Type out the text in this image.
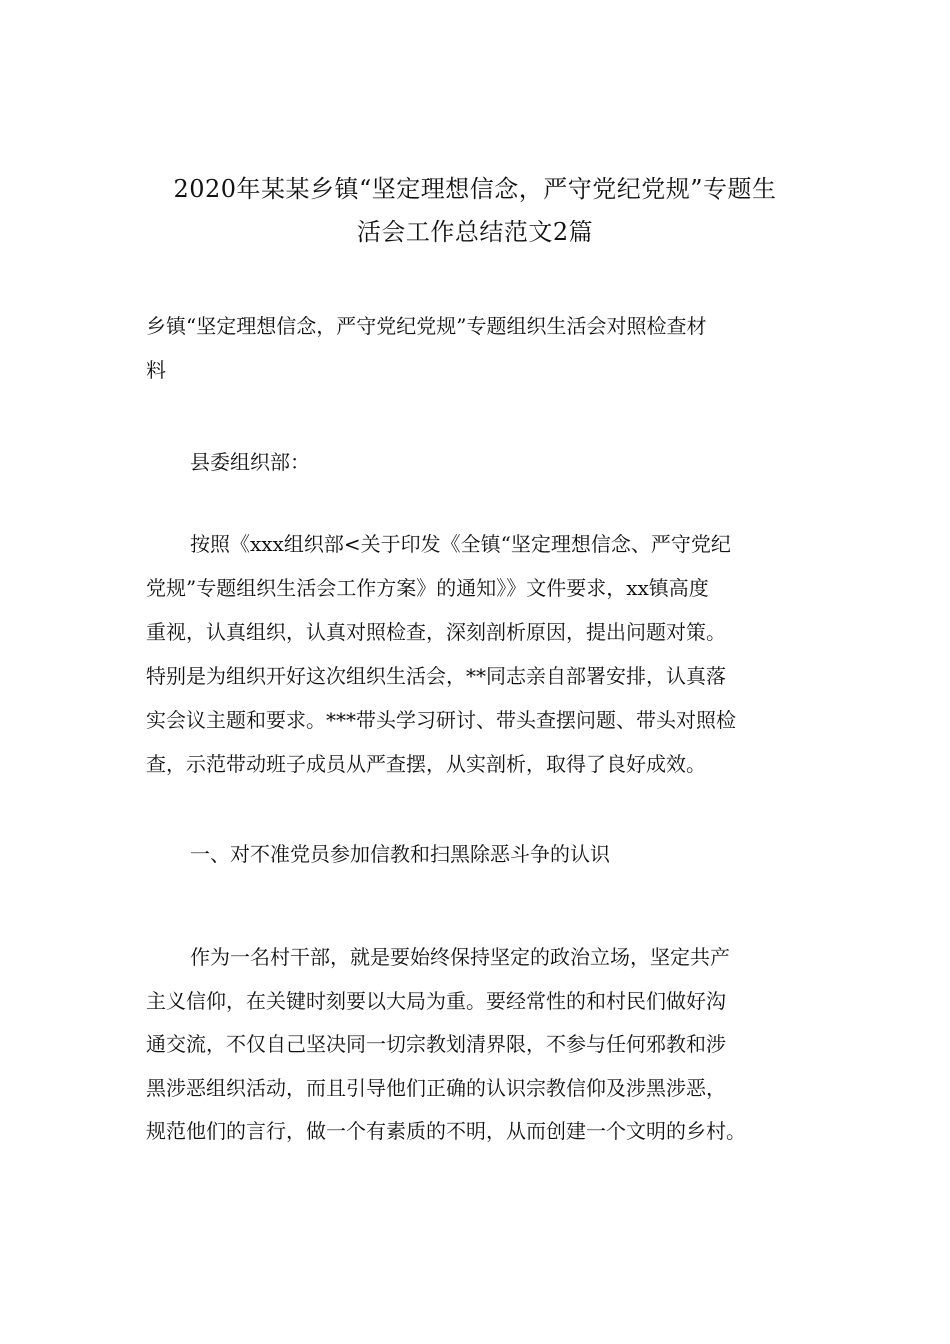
2020年某某乡镇“坚定理想信念，严守党纪党规”专题生
活会工作总结范文2篇
乡镇“坚定理想信念，严守党纪党规”专题组织生活会对照检查材
料
县委组织部：
按照《xxx组织部<关于印发《全镇“坚定理想信念、严守党纪
党规”专题组织生活会工作方案》的通知》》文件要求，xx镇高度
重视，认真组织，认真对照检查，深刻剖析原因，提出问题对策。
特别是为组织开好这次组织生活会，**同志亲自部署安排，认真落
实会议主题和要求。***带头学习研讨、带头查摆问题、带头对照检
查，示范带动班子成员从严查摆，从实剖析，取得了良好成效。
一、对不准党员参加信教和扫黑除恶斗争的认识
作为一名村干部，就是要始终保持坚定的政治立场，坚定共产
主义信仰，在关键时刻要以大局为重。要经常性的和村民们做好沟
通交流，不仅自己坚决同一切宗教划清界限，不参与任何邪教和涉
黑涉恶组织活动，而且引导他们正确的认识宗教信仰及涉黑涉恶，
规范他们的言行，做一个有素质的不明，从而创建一个文明的乡村。
